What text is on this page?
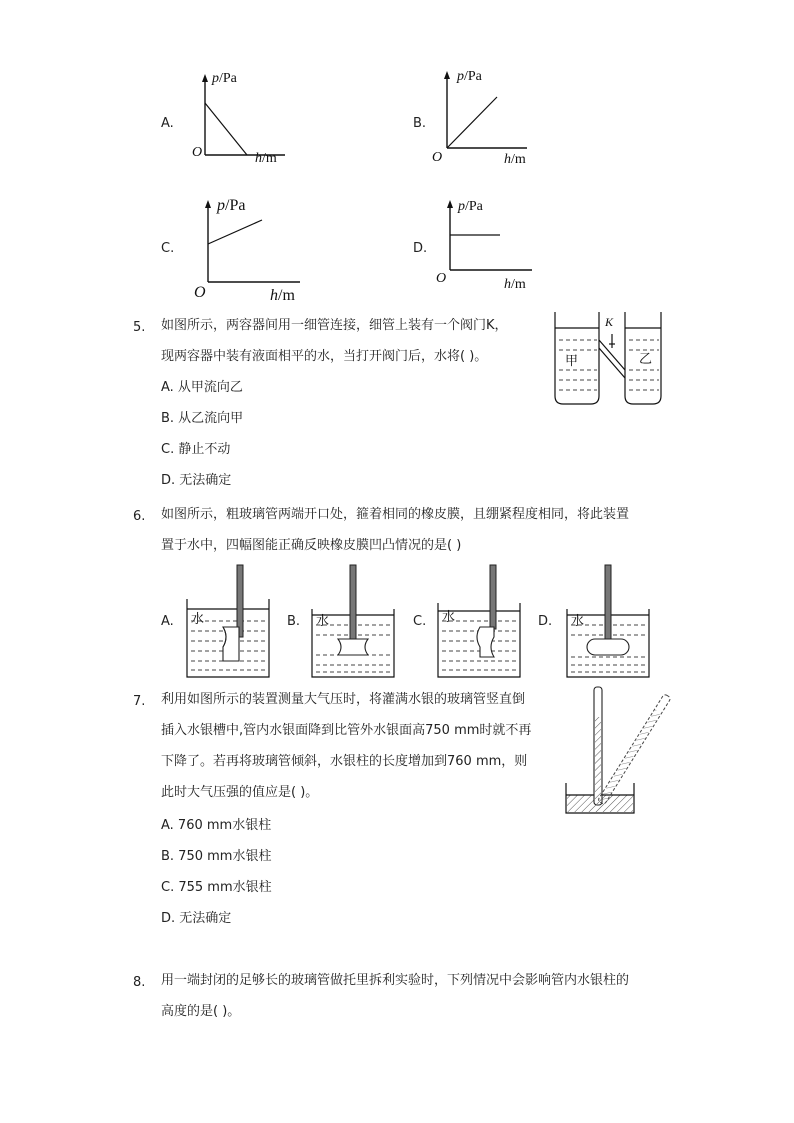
A.
p/Pa
h/m
O
B.
p/Pa
h/m
O
C.
p/Pa
h/m
O
D.
p/Pa
h/m
O
5. 如图所示，两容器间用一细管连接，细管上装有一个阀门K，
现两容器中装有液面相平的水，当打开阀门后，水将( )。
A. 从甲流向乙
B. 从乙流向甲
C. 静止不动
D. 无法确定
甲	乙
K
6. 如图所示，粗玻璃管两端开口处，箍着相同的橡皮膜，且绷紧程度相同，将此装置
置于水中，四幅图能正确反映橡皮膜凹凸情况的是( )
A. 水	B. 水	C. 水	D. 水
7. 利用如图所示的装置测量大气压时，将灌满水银的玻璃管竖直倒
插入水银槽中,管内水银面降到比管外水银面高750 mm时就不再
下降了。若再将玻璃管倾斜，水银柱的长度增加到760 mm，则
此时大气压强的值应是( )。
A. 760 mm水银柱
B. 750 mm水银柱
C. 755 mm水银柱
D. 无法确定
8. 用一端封闭的足够长的玻璃管做托里拆利实验时，下列情况中会影响管内水银柱的
高度的是( )。
